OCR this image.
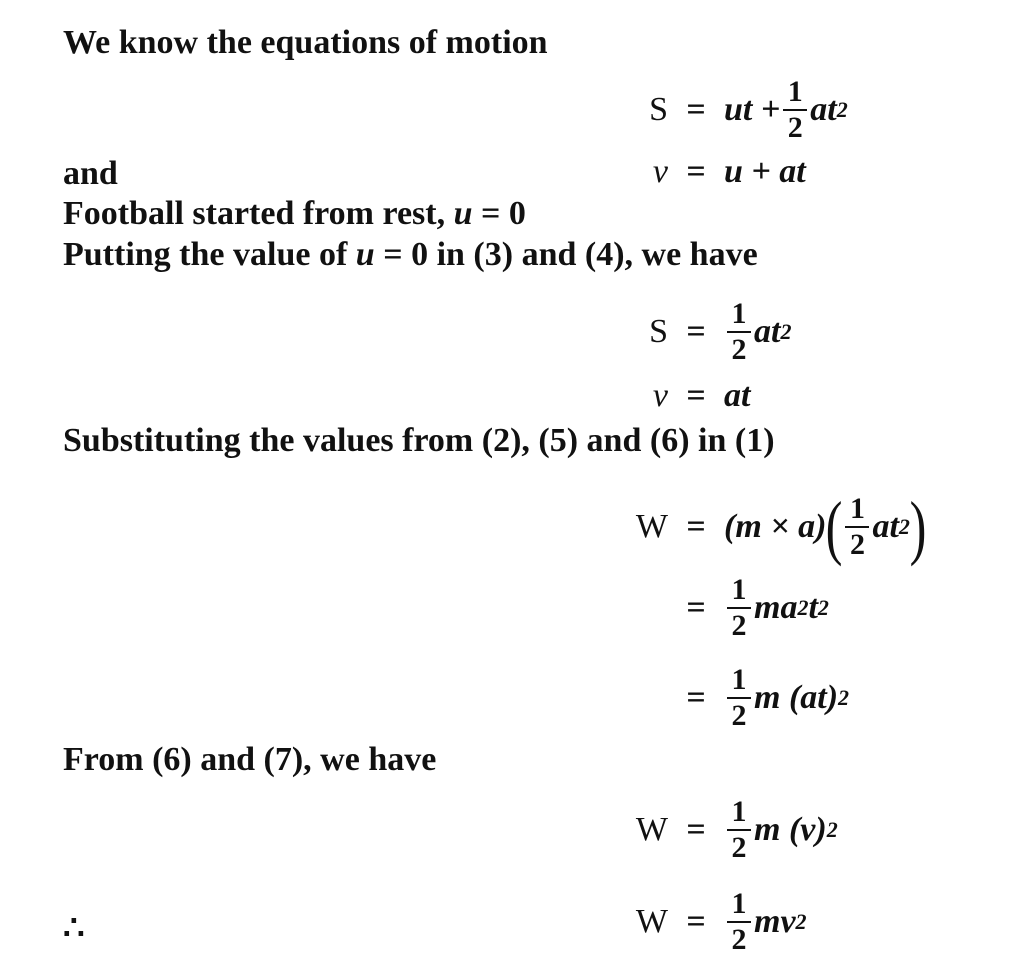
We know the equations of motion
S = ut + $\frac{1}{2}$ at 2
and	v = u + at
Football started from rest, u = 0
Putting the value of u = 0 in (3) and (4), we have
$S = \frac{1}{2}$ at 2
v = at
Substituting the values from (2), (5) and (6) in (1)
W = (m × a) ( $\frac{1}{2}$ at 2 )
= $\frac{1}{2}$ ma 2 t 2
= $\frac{1}{2}$ m (at) 2
From (6) and (7), we have
$W = \frac{1}{2}$ m (v) 2
∴	$W = \frac{1}{2}$ mv 2
